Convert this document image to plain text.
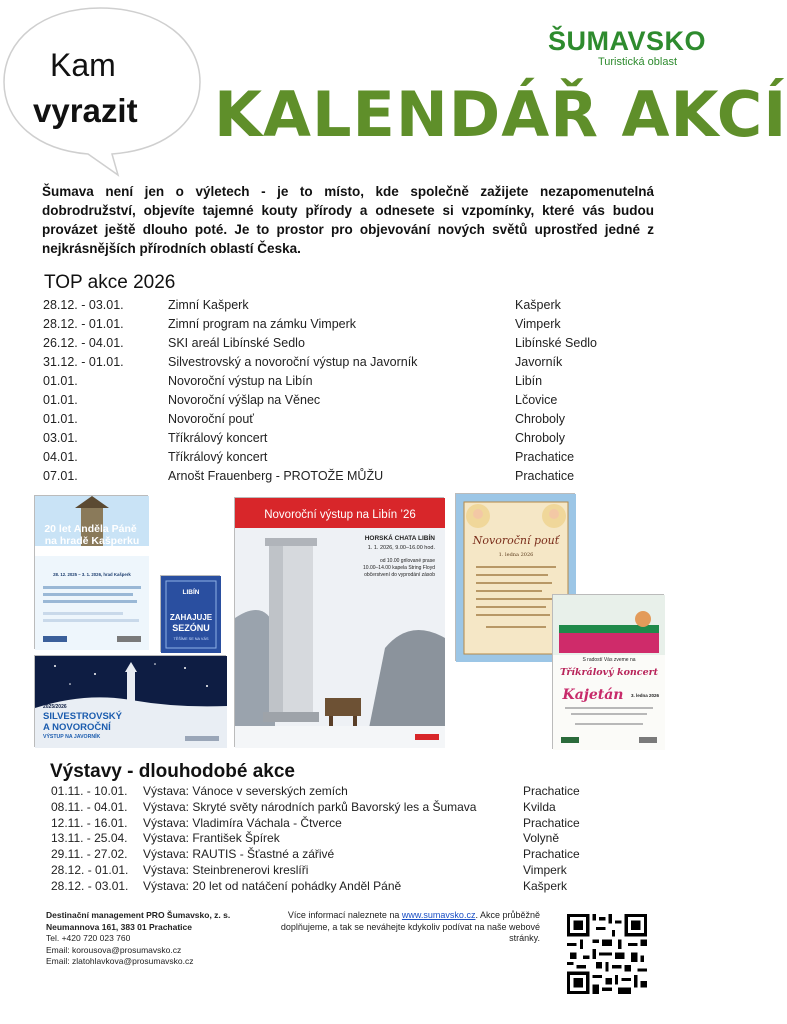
Kam
vyrazit
ŠUMAVSKO
Turistická oblast
KALENDÁŘ AKCÍ
Šumava není jen o výletech - je to místo, kde společně zažijete nezapomenutelná dobrodružství, objevíte tajemné kouty přírody a odnesete si vzpomínky, které vás budou provázet ještě dlouho poté. Je to prostor pro objevování nových světů uprostřed jedné z nejkrásnějších přírodních oblastí Česka.
TOP akce 2026
28.12. - 03.01.	Zimní Kašperk	Kašperk
28.12. - 01.01.	Zimní program na zámku Vimperk	Vimperk
26.12. - 04.01.	SKI areál Libínské Sedlo	Libínské Sedlo
31.12. - 01.01.	Silvestrovský a novoroční výstup na Javorník	Javorník
01.01.	Novoroční výstup na Libín	Libín
01.01.	Novoroční výšlap na Věnec	Lčovice
01.01.	Novoroční pouť	Chroboly
03.01.	Tříkrálový koncert	Chroboly
04.01.	Tříkrálový koncert	Prachatice
07.01.	Arnošt Frauenberg - PROTOŽE MŮŽU	Prachatice
20 let Anděla Páně na hradě Kašperku
28. 12. 2025 – 3. 1. 2026, hrad Kašperk
LIBÍN
ZAHAJUJE
SEZÓNU
TĚŠÍME SE NA VÁS
2025/2026
SILVESTROVSKÝ
A NOVOROČNÍ
VÝSTUP NA JAVORNÍK
Novoroční výstup na Libín ’26
HORSKÁ CHATA LIBÍN
1. 1. 2026, 9.00–16.00 hod.
od 10.00 grilované prase
10.00–14.00 kapela String Floyd
občerstvení do vyprodání zásob
Novoroční pouť
1. ledna 2026
S radostí Vás zveme na
Tříkrálový koncert
Kajetán 3. ledna 2026
Výstavy - dlouhodobé akce
01.11. - 10.01. Výstava: Vánoce v severských zemích	Prachatice
08.11. - 04.01. Výstava: Skryté světy národních parků Bavorský les a Šumava	Kvilda
12.11. - 16.01. Výstava: Vladimíra Váchala - Čtverce	Prachatice
13.11. - 25.04. Výstava: František Špírek	Volyně
29.11. - 27.02. Výstava: RAUTIS - Šťastné a zářivé	Prachatice
28.12. - 01.01. Výstava: Steinbrenerovi kreslíři	Vimperk
28.12. - 03.01. Výstava: 20 let od natáčení pohádky Anděl Páně	Kašperk
Destinační management PRO Šumavsko, z. s.
Neumannova 161, 383 01 Prachatice
Tel. +420 720 023 760
Email: korousova@prosumavsko.cz
Email: zlatohlavkova@prosumavsko.cz
Více informací naleznete na www.sumavsko.cz. Akce průběžně doplňujeme, a tak se neváhejte kdykoliv podívat na naše webové stránky.
